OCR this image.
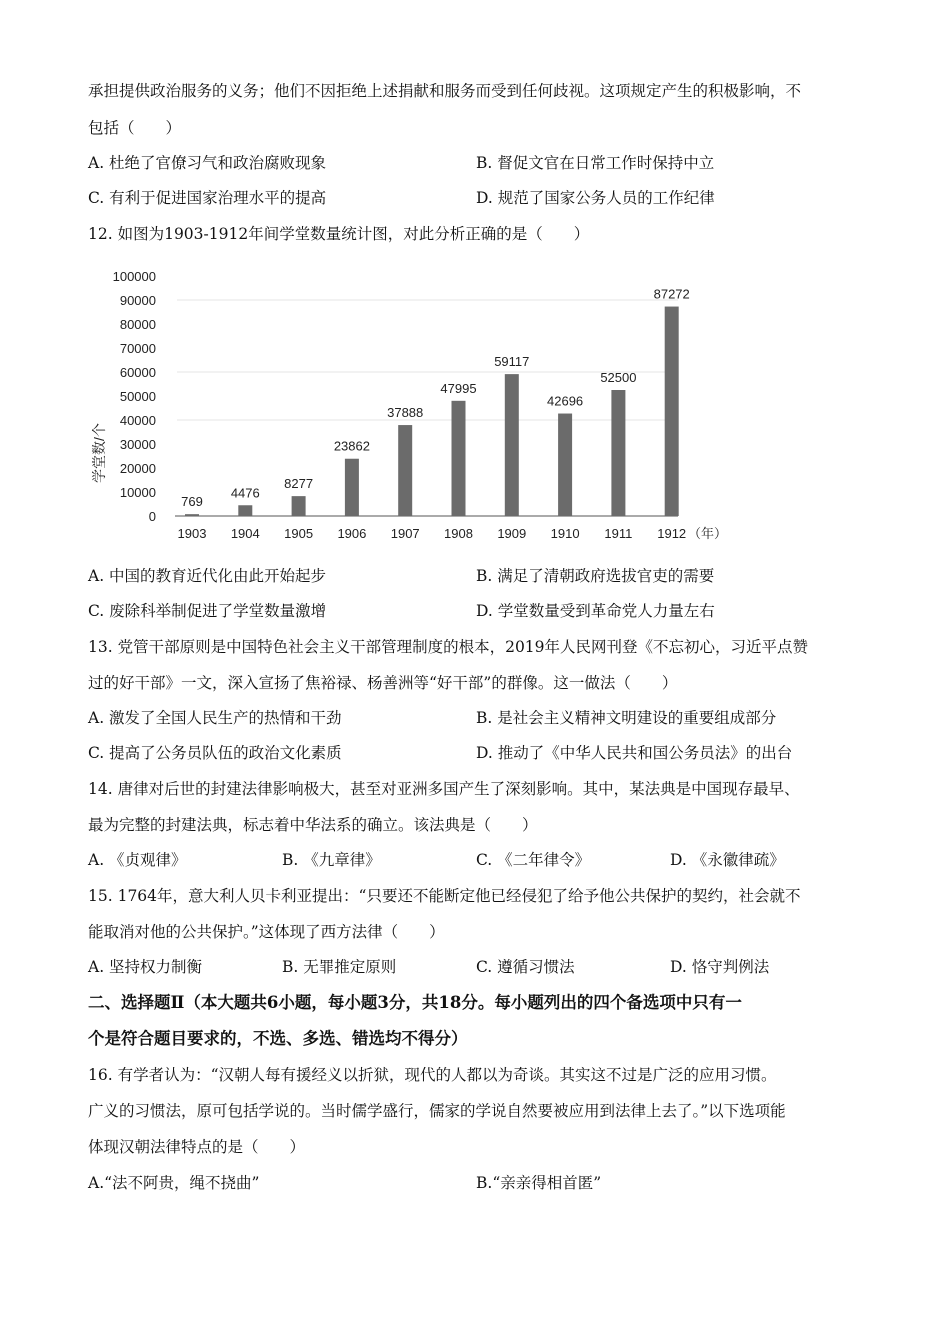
承担提供政治服务的义务；他们不因拒绝上述捐献和服务而受到任何歧视。这项规定产生的积极影响，不
包括（　　）
A. 杜绝了官僚习气和政治腐败现象	B. 督促文官在日常工作时保持中立
C. 有利于促进国家治理水平的提高	D. 规范了国家公务人员的工作纪律
12. 如图为1903-1912年间学堂数量统计图，对此分析正确的是（　　）
0
10000
20000
30000
40000
50000
60000
70000
80000
90000
100000
769
4476
8277
23862
37888
47995
59117
42696
52500
87272
1903 1904 1905 1906 1907 1908 1909 1910 1911 1912
学堂数/个
（年）
A. 中国的教育近代化由此开始起步	B. 满足了清朝政府选拔官吏的需要
C. 废除科举制促进了学堂数量激增	D. 学堂数量受到革命党人力量左右
13. 党管干部原则是中国特色社会主义干部管理制度的根本，2019年人民网刊登《不忘初心，习近平点赞
过的好干部》一文，深入宣扬了焦裕禄、杨善洲等“好干部”的群像。这一做法（　　）
A. 激发了全国人民生产的热情和干劲	B. 是社会主义精神文明建设的重要组成部分
C. 提高了公务员队伍的政治文化素质	D. 推动了《中华人民共和国公务员法》的出台
14. 唐律对后世的封建法律影响极大，甚至对亚洲多国产生了深刻影响。其中，某法典是中国现存最早、
最为完整的封建法典，标志着中华法系的确立。该法典是（　　）
A. 《贞观律》	B. 《九章律》	C. 《二年律令》	D. 《永徽律疏》
15. 1764年，意大利人贝卡利亚提出：“只要还不能断定他已经侵犯了给予他公共保护的契约，社会就不
能取消对他的公共保护。”这体现了西方法律（　　）
A. 坚持权力制衡	B. 无罪推定原则	C. 遵循习惯法	D. 恪守判例法
二、选择题Ⅱ（本大题共6小题，每小题3分，共18分。每小题列出的四个备选项中只有一
个是符合题目要求的，不选、多选、错选均不得分）
16. 有学者认为：“汉朝人每有援经义以折狱，现代的人都以为奇谈。其实这不过是广泛的应用习惯。
广义的习惯法，原可包括学说的。当时儒学盛行，儒家的学说自然要被应用到法律上去了。”以下选项能
体现汉朝法律特点的是（　　）
A.“法不阿贵，绳不挠曲”	B.“亲亲得相首匿”
